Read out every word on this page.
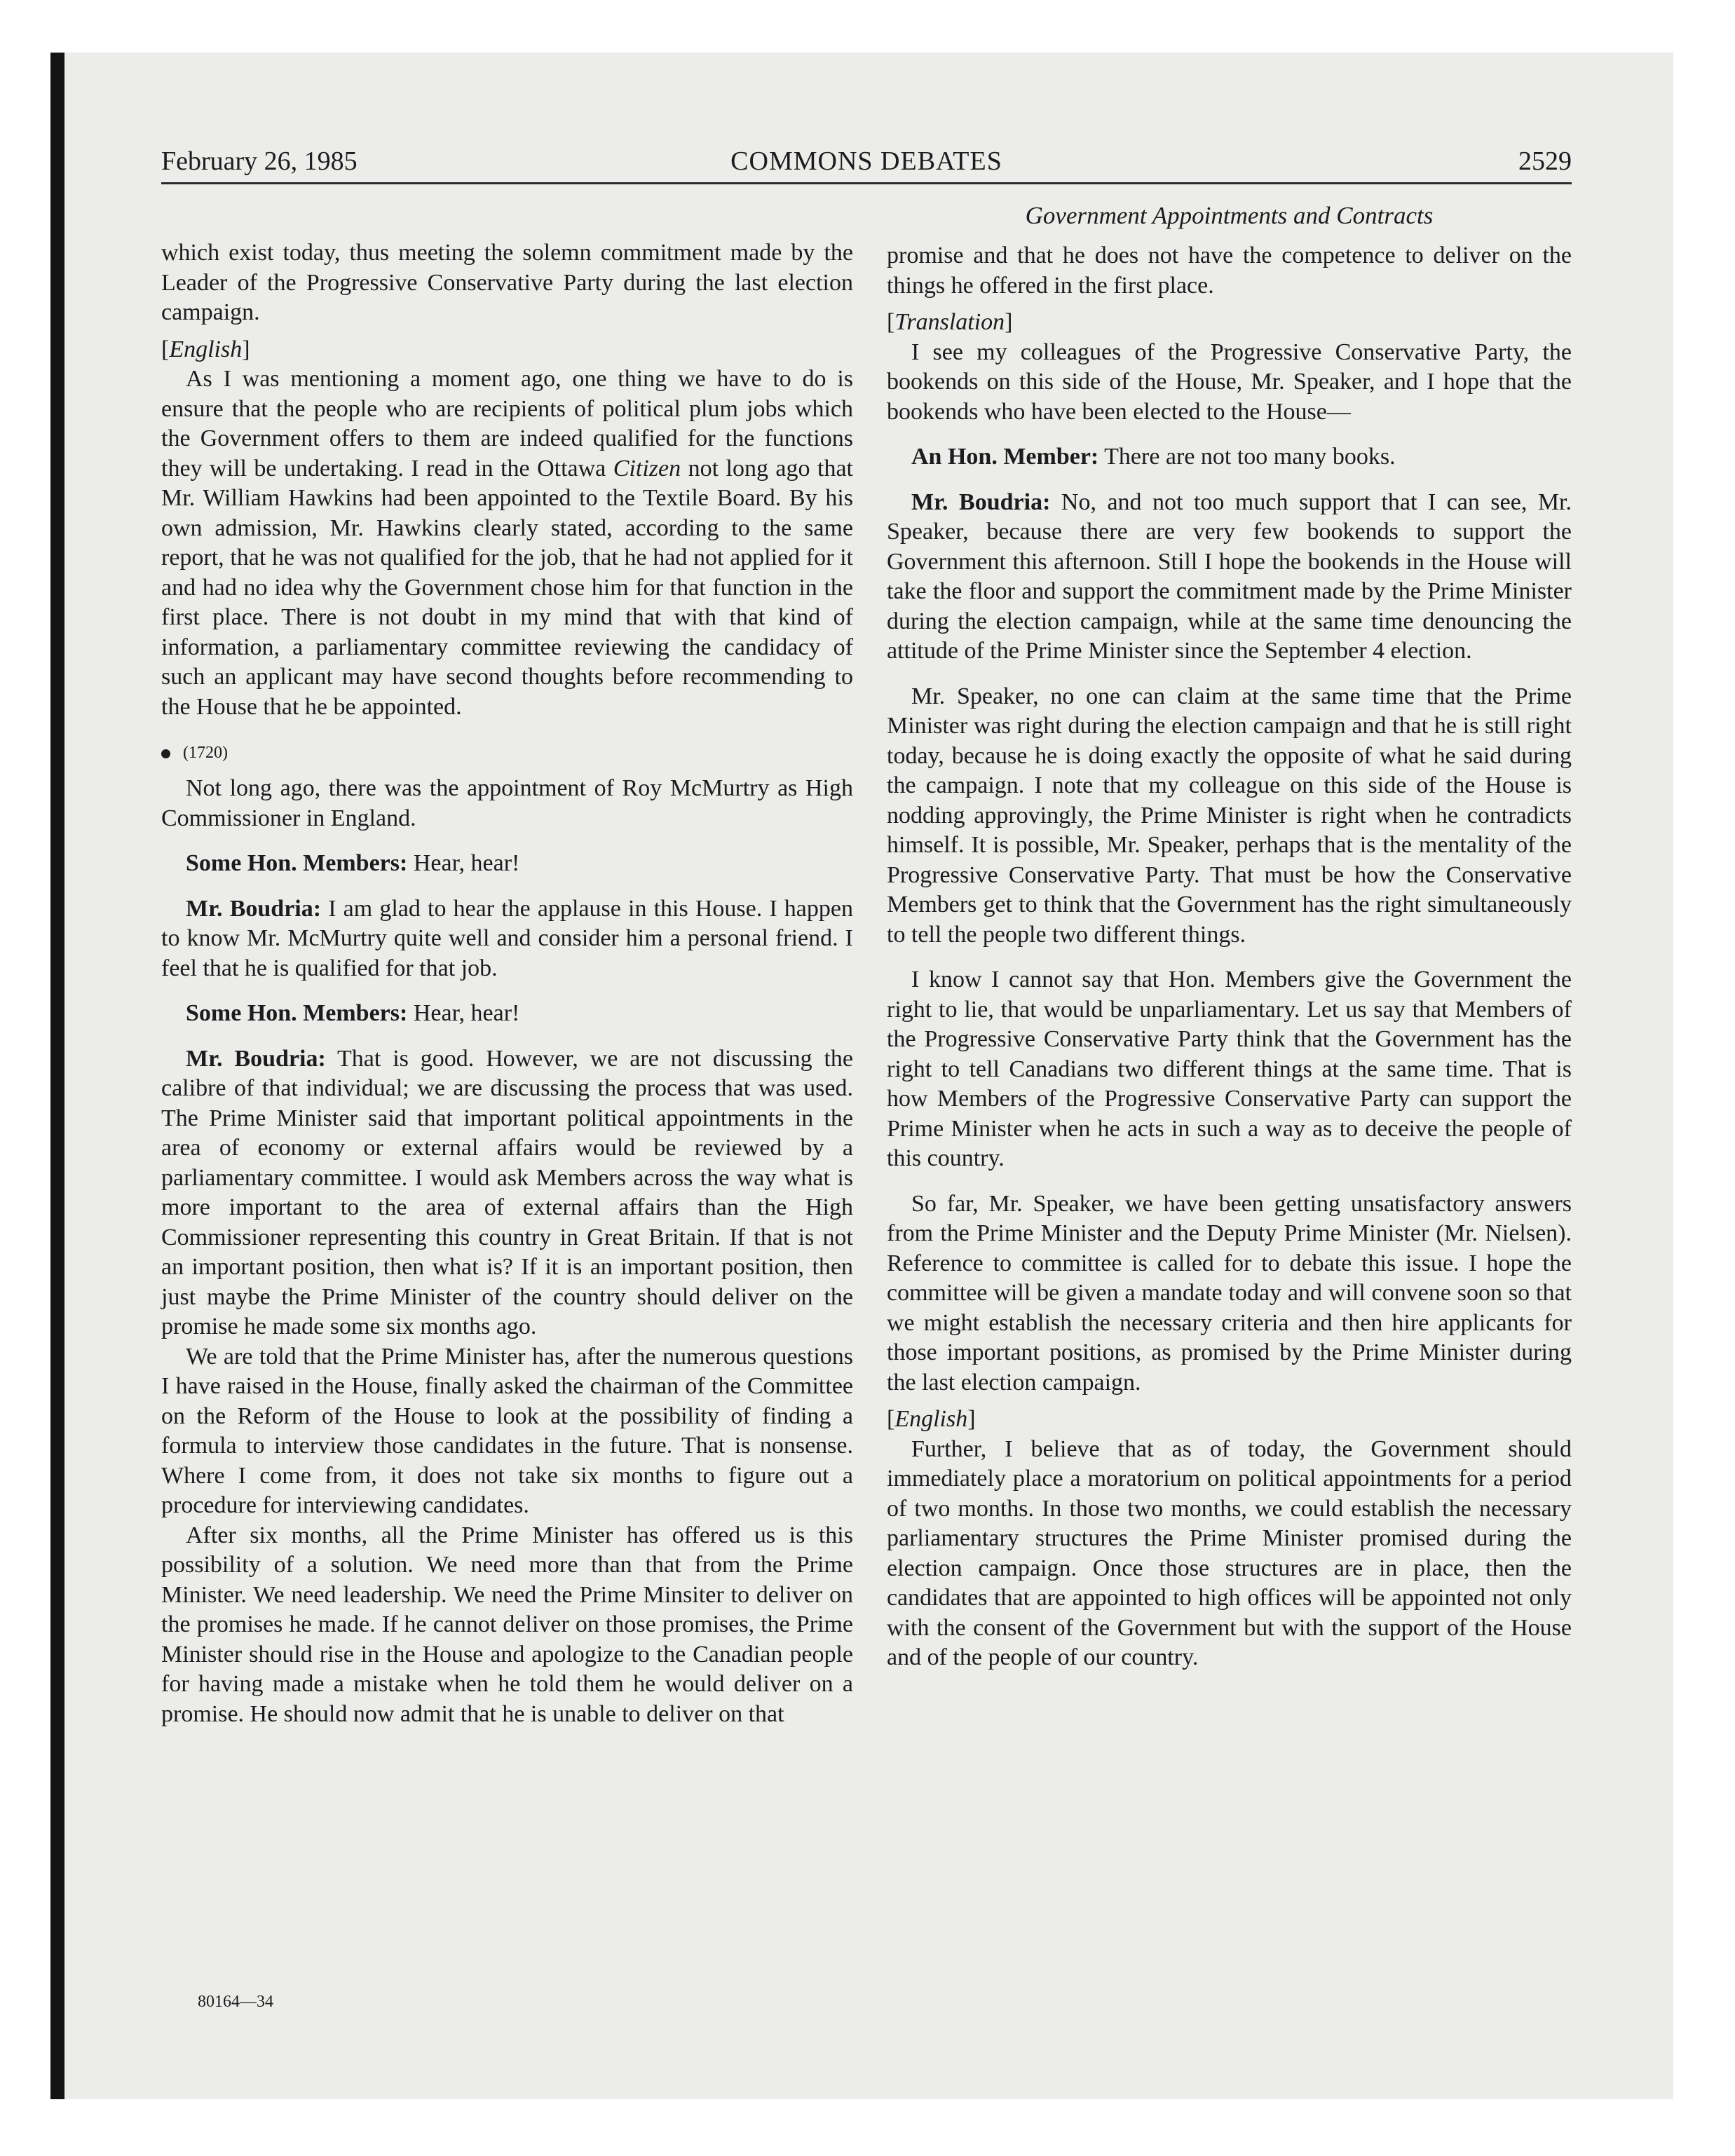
February 26, 1985	COMMONS DEBATES	2529
Government Appointments and Contracts

which exist today, thus meeting the solemn commitment made by the Leader of the Progressive Conservative Party during the last election campaign.

[English]

As I was mentioning a moment ago, one thing we have to do is ensure that the people who are recipients of political plum jobs which the Government offers to them are indeed qualified for the functions they will be undertaking. I read in the Ottawa Citizen not long ago that Mr. William Hawkins had been appointed to the Textile Board. By his own admission, Mr. Hawkins clearly stated, according to the same report, that he was not qualified for the job, that he had not applied for it and had no idea why the Government chose him for that function in the first place. There is not doubt in my mind that with that kind of information, a parliamentary committee reviewing the candidacy of such an applicant may have second thoughts before recommending to the House that he be appointed.

(1720)

Not long ago, there was the appointment of Roy McMurtry as High Commissioner in England.

Some Hon. Members: Hear, hear!

Mr. Boudria: I am glad to hear the applause in this House. I happen to know Mr. McMurtry quite well and consider him a personal friend. I feel that he is qualified for that job.

Some Hon. Members: Hear, hear!

Mr. Boudria: That is good. However, we are not discussing the calibre of that individual; we are discussing the process that was used. The Prime Minister said that important political appointments in the area of economy or external affairs would be reviewed by a parliamentary committee. I would ask Members across the way what is more important to the area of external affairs than the High Commissioner representing this country in Great Britain. If that is not an important position, then what is? If it is an important position, then just maybe the Prime Minister of the country should deliver on the promise he made some six months ago.

We are told that the Prime Minister has, after the numerous questions I have raised in the House, finally asked the chairman of the Committee on the Reform of the House to look at the possibility of finding a formula to interview those candidates in the future. That is nonsense. Where I come from, it does not take six months to figure out a procedure for interviewing candidates.

After six months, all the Prime Minister has offered us is this possibility of a solution. We need more than that from the Prime Minister. We need leadership. We need the Prime Minsiter to deliver on the promises he made. If he cannot deliver on those promises, the Prime Minister should rise in the House and apologize to the Canadian people for having made a mistake when he told them he would deliver on a promise. He should now admit that he is unable to deliver on that

promise and that he does not have the competence to deliver on the things he offered in the first place.

[Translation]

I see my colleagues of the Progressive Conservative Party, the bookends on this side of the House, Mr. Speaker, and I hope that the bookends who have been elected to the House—

An Hon. Member: There are not too many books.

Mr. Boudria: No, and not too much support that I can see, Mr. Speaker, because there are very few bookends to support the Government this afternoon. Still I hope the bookends in the House will take the floor and support the commitment made by the Prime Minister during the election campaign, while at the same time denouncing the attitude of the Prime Minister since the September 4 election.

Mr. Speaker, no one can claim at the same time that the Prime Minister was right during the election campaign and that he is still right today, because he is doing exactly the opposite of what he said during the campaign. I note that my colleague on this side of the House is nodding approvingly, the Prime Minister is right when he contradicts himself. It is possible, Mr. Speaker, perhaps that is the mentality of the Progressive Conservative Party. That must be how the Conservative Members get to think that the Government has the right simultaneously to tell the people two different things.

I know I cannot say that Hon. Members give the Government the right to lie, that would be unparliamentary. Let us say that Members of the Progressive Conservative Party think that the Government has the right to tell Canadians two different things at the same time. That is how Members of the Progressive Conservative Party can support the Prime Minister when he acts in such a way as to deceive the people of this country.

So far, Mr. Speaker, we have been getting unsatisfactory answers from the Prime Minister and the Deputy Prime Minister (Mr. Nielsen). Reference to committee is called for to debate this issue. I hope the committee will be given a mandate today and will convene soon so that we might establish the necessary criteria and then hire applicants for those important positions, as promised by the Prime Minister during the last election campaign.

[English]

Further, I believe that as of today, the Government should immediately place a moratorium on political appointments for a period of two months. In those two months, we could establish the necessary parliamentary structures the Prime Minister promised during the election campaign. Once those structures are in place, then the candidates that are appointed to high offices will be appointed not only with the consent of the Government but with the support of the House and of the people of our country.

80164—34
